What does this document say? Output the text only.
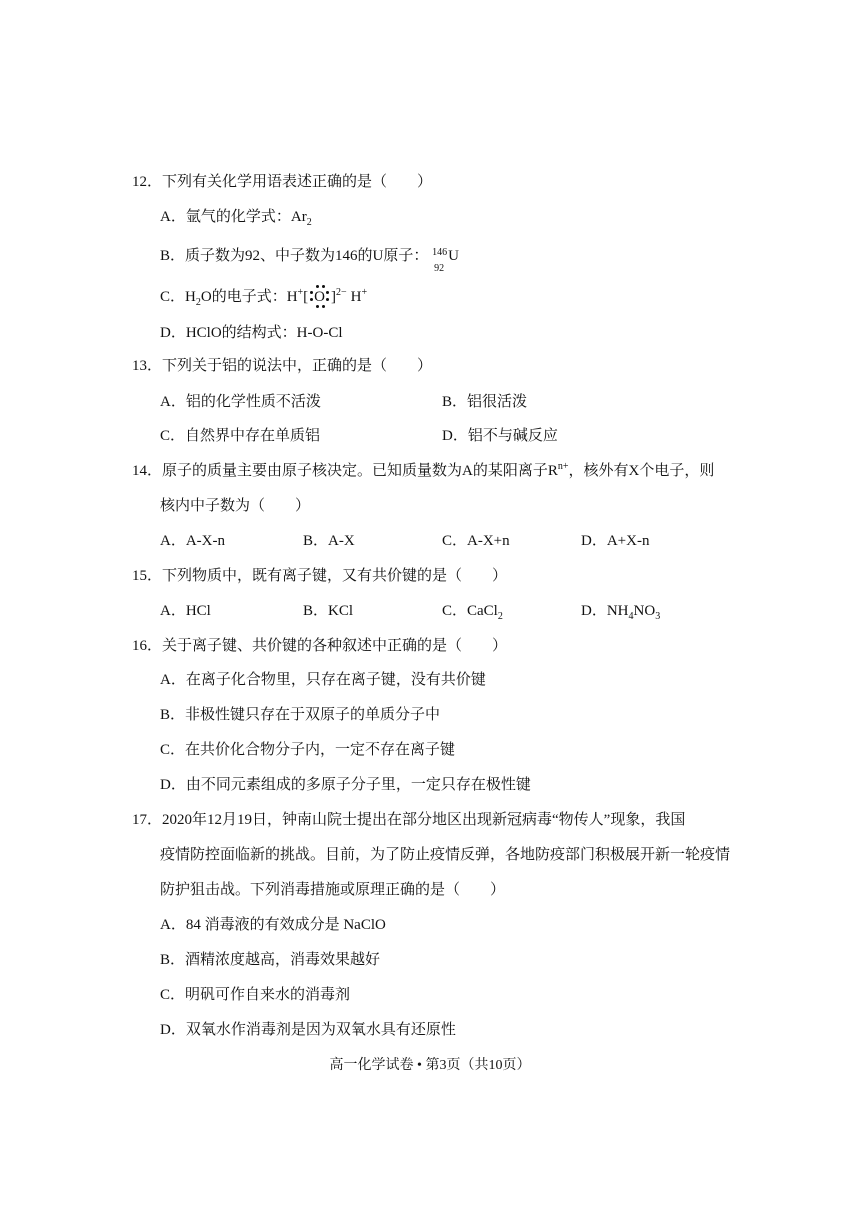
12．下列有关化学用语表述正确的是（　　）
A．氩气的化学式：$Ar_2$
B．质子数为92、中子数为146的U原子： 146
92
U
C．$H_2O$的电子式：H+[ O ]$^{2-}$ H+
D．HClO的结构式：H-O-Cl
13．下列关于铝的说法中，正确的是（　　）
A．铝的化学性质不活泼	B．铝很活泼
C．自然界中存在单质铝	D．铝不与碱反应
14．原子的质量主要由原子核决定。已知质量数为A的某阳离子$R^{n+}$，核外有X个电子，则
核内中子数为（　　）
A．A-X-n	B．A-X	C．A-X+n	D．A+X-n
15．下列物质中，既有离子键，又有共价键的是（　　）
A．HCl	B．KCl	C．CaCl$_2$	D．$NH_4NO_3$
16．关于离子键、共价键的各种叙述中正确的是（　　）
A．在离子化合物里，只存在离子键，没有共价键
B．非极性键只存在于双原子的单质分子中
C．在共价化合物分子内，一定不存在离子键
D．由不同元素组成的多原子分子里，一定只存在极性键
17．2020年12月19日，钟南山院士提出在部分地区出现新冠病毒“物传人”现象，我国
疫情防控面临新的挑战。目前，为了防止疫情反弹，各地防疫部门积极展开新一轮疫情
防护狙击战。下列消毒措施或原理正确的是（　　）
A．84 消毒液的有效成分是 NaClO
B．酒精浓度越高，消毒效果越好
C．明矾可作自来水的消毒剂
D．双氧水作消毒剂是因为双氧水具有还原性
高一化学试卷 • 第3页（共10页）
